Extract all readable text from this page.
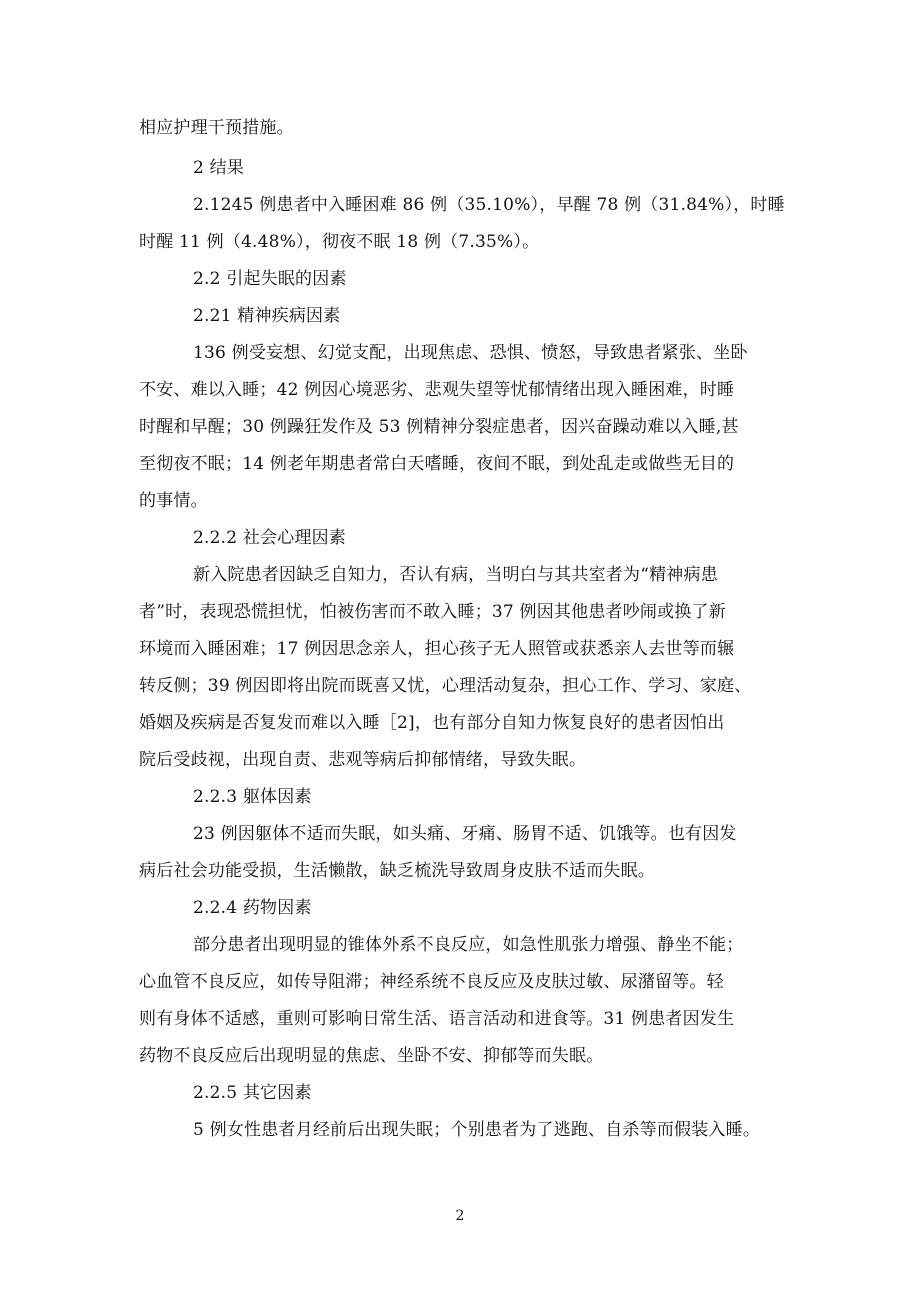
相应护理干预措施。
2 结果
2.1245 例患者中入睡困难 86 例（35.10%），早醒 78 例（31.84%），时睡
时醒 11 例（4.48%），彻夜不眠 18 例（7.35%）。
2.2 引起失眠的因素
2.21 精神疾病因素
136 例受妄想、幻觉支配，出现焦虑、恐惧、愤怒，导致患者紧张、坐卧
不安、难以入睡；42 例因心境恶劣、悲观失望等忧郁情绪出现入睡困难，时睡
时醒和早醒；30 例躁狂发作及 53 例精神分裂症患者，因兴奋躁动难以入睡,甚
至彻夜不眠；14 例老年期患者常白天嗜睡，夜间不眠，到处乱走或做些无目的
的事情。
2.2.2 社会心理因素
新入院患者因缺乏自知力，否认有病，当明白与其共室者为“精神病患
者”时，表现恐慌担忧，怕被伤害而不敢入睡；37 例因其他患者吵闹或换了新
环境而入睡困难；17 例因思念亲人，担心孩子无人照管或获悉亲人去世等而辗
转反侧；39 例因即将出院而既喜又忧，心理活动复杂，担心工作、学习、家庭、
婚姻及疾病是否复发而难以入睡［2]，也有部分自知力恢复良好的患者因怕出
院后受歧视，出现自责、悲观等病后抑郁情绪，导致失眠。
2.2.3 躯体因素
23 例因躯体不适而失眠，如头痛、牙痛、肠胃不适、饥饿等。也有因发
病后社会功能受损，生活懒散，缺乏梳洗导致周身皮肤不适而失眠。
2.2.4 药物因素
部分患者出现明显的锥体外系不良反应，如急性肌张力增强、静坐不能；
心血管不良反应，如传导阻滞；神经系统不良反应及皮肤过敏、尿潴留等。轻
则有身体不适感，重则可影响日常生活、语言活动和进食等。31 例患者因发生
药物不良反应后出现明显的焦虑、坐卧不安、抑郁等而失眠。
2.2.5 其它因素
5 例女性患者月经前后出现失眠；个别患者为了逃跑、自杀等而假装入睡。
2
